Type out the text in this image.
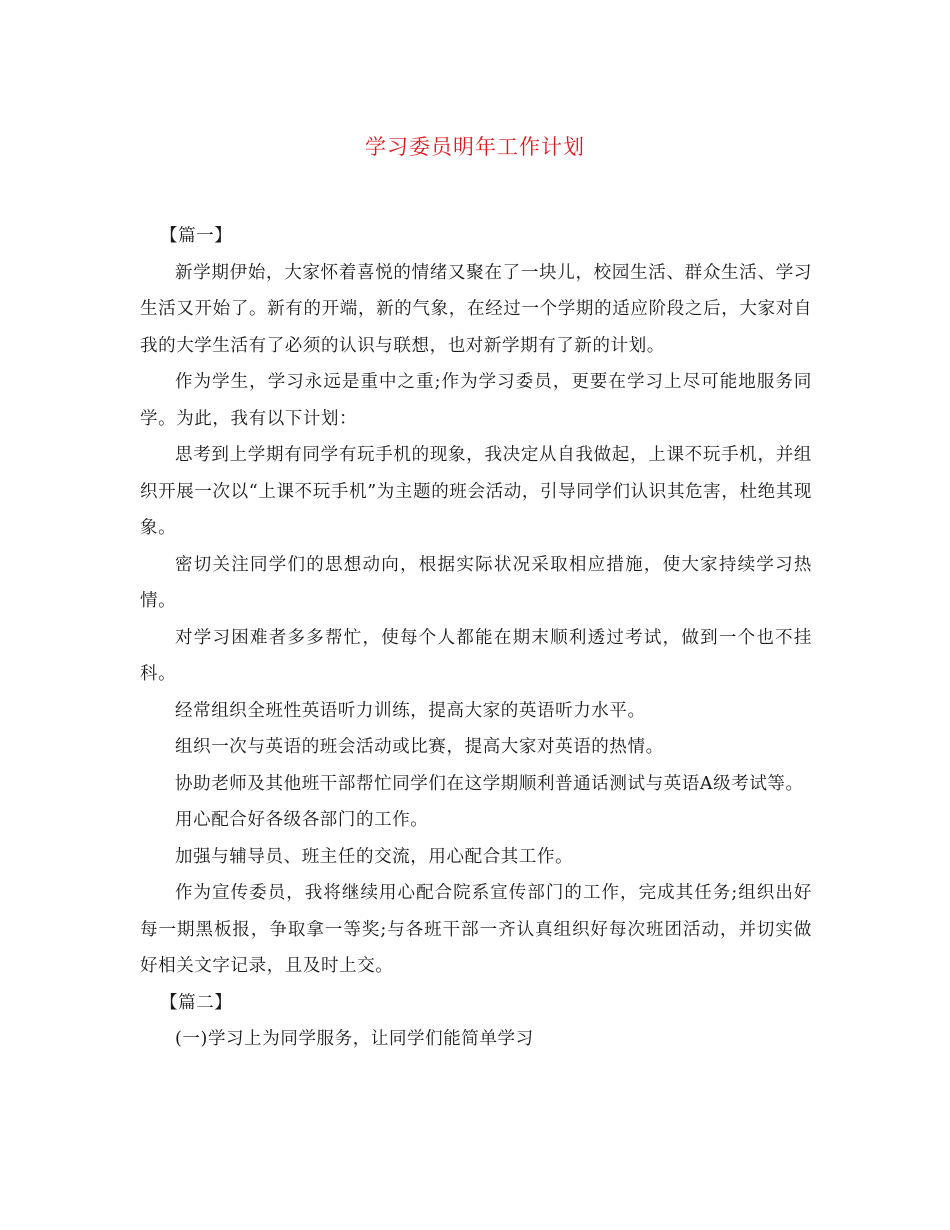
学习委员明年工作计划

【篇一】

新学期伊始，大家怀着喜悦的情绪又聚在了一块儿，校园生活、群众生活、学习生活又开始了。新有的开端，新的气象，在经过一个学期的适应阶段之后，大家对自我的大学生活有了必须的认识与联想，也对新学期有了新的计划。

作为学生，学习永远是重中之重;作为学习委员，更要在学习上尽可能地服务同学。为此，我有以下计划：

思考到上学期有同学有玩手机的现象，我决定从自我做起，上课不玩手机，并组织开展一次以“上课不玩手机”为主题的班会活动，引导同学们认识其危害，杜绝其现象。

密切关注同学们的思想动向，根据实际状况采取相应措施，使大家持续学习热情。

对学习困难者多多帮忙，使每个人都能在期末顺利透过考试，做到一个也不挂科。

经常组织全班性英语听力训练，提高大家的英语听力水平。

组织一次与英语的班会活动或比赛，提高大家对英语的热情。

协助老师及其他班干部帮忙同学们在这学期顺利普通话测试与英语A级考试等。

用心配合好各级各部门的工作。

加强与辅导员、班主任的交流，用心配合其工作。

作为宣传委员，我将继续用心配合院系宣传部门的工作，完成其任务;组织出好每一期黑板报，争取拿一等奖;与各班干部一齐认真组织好每次班团活动，并切实做好相关文字记录，且及时上交。

【篇二】

(一)学习上为同学服务，让同学们能简单学习
